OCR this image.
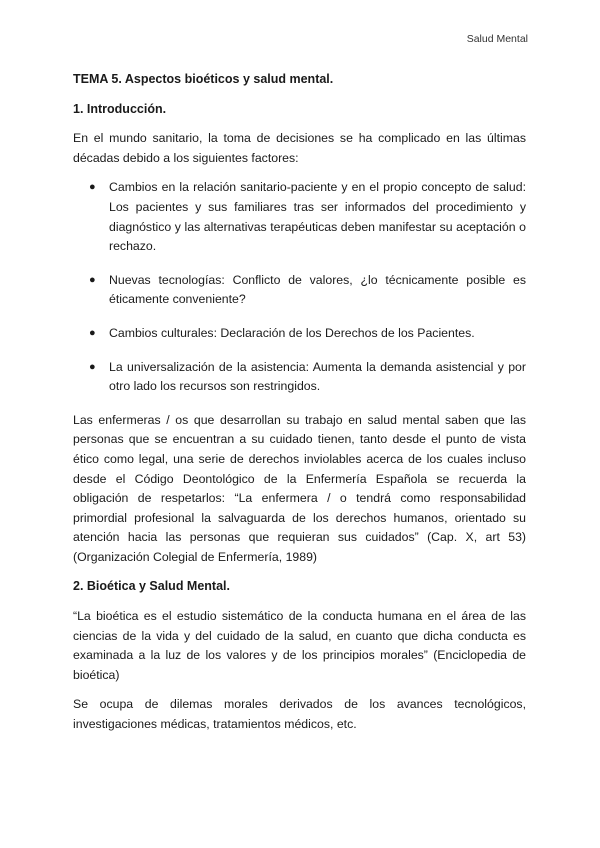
Salud Mental
TEMA 5. Aspectos bioéticos y salud mental.
1. Introducción.

En el mundo sanitario, la toma de decisiones se ha complicado en las últimas décadas debido a los siguientes factores:

● Cambios en la relación sanitario-paciente y en el propio concepto de salud: Los pacientes y sus familiares tras ser informados del procedimiento y diagnóstico y las alternativas terapéuticas deben manifestar su aceptación o rechazo.
● Nuevas tecnologías: Conflicto de valores, ¿lo técnicamente posible es éticamente conveniente?
● Cambios culturales: Declaración de los Derechos de los Pacientes.
● La universalización de la asistencia: Aumenta la demanda asistencial y por otro lado los recursos son restringidos.

Las enfermeras / os que desarrollan su trabajo en salud mental saben que las personas que se encuentran a su cuidado tienen, tanto desde el punto de vista ético como legal, una serie de derechos inviolables acerca de los cuales incluso desde el Código Deontológico de la Enfermería Española se recuerda la obligación de respetarlos: “La enfermera / o tendrá como responsabilidad primordial profesional la salvaguarda de los derechos humanos, orientado su atención hacia las personas que requieran sus cuidados” (Cap. X, art 53) (Organización Colegial de Enfermería, 1989)

2. Bioética y Salud Mental.

“La bioética es el estudio sistemático de la conducta humana en el área de las ciencias de la vida y del cuidado de la salud, en cuanto que dicha conducta es examinada a la luz de los valores y de los principios morales” (Enciclopedia de bioética)

Se ocupa de dilemas morales derivados de los avances tecnológicos, investigaciones médicas, tratamientos médicos, etc.
